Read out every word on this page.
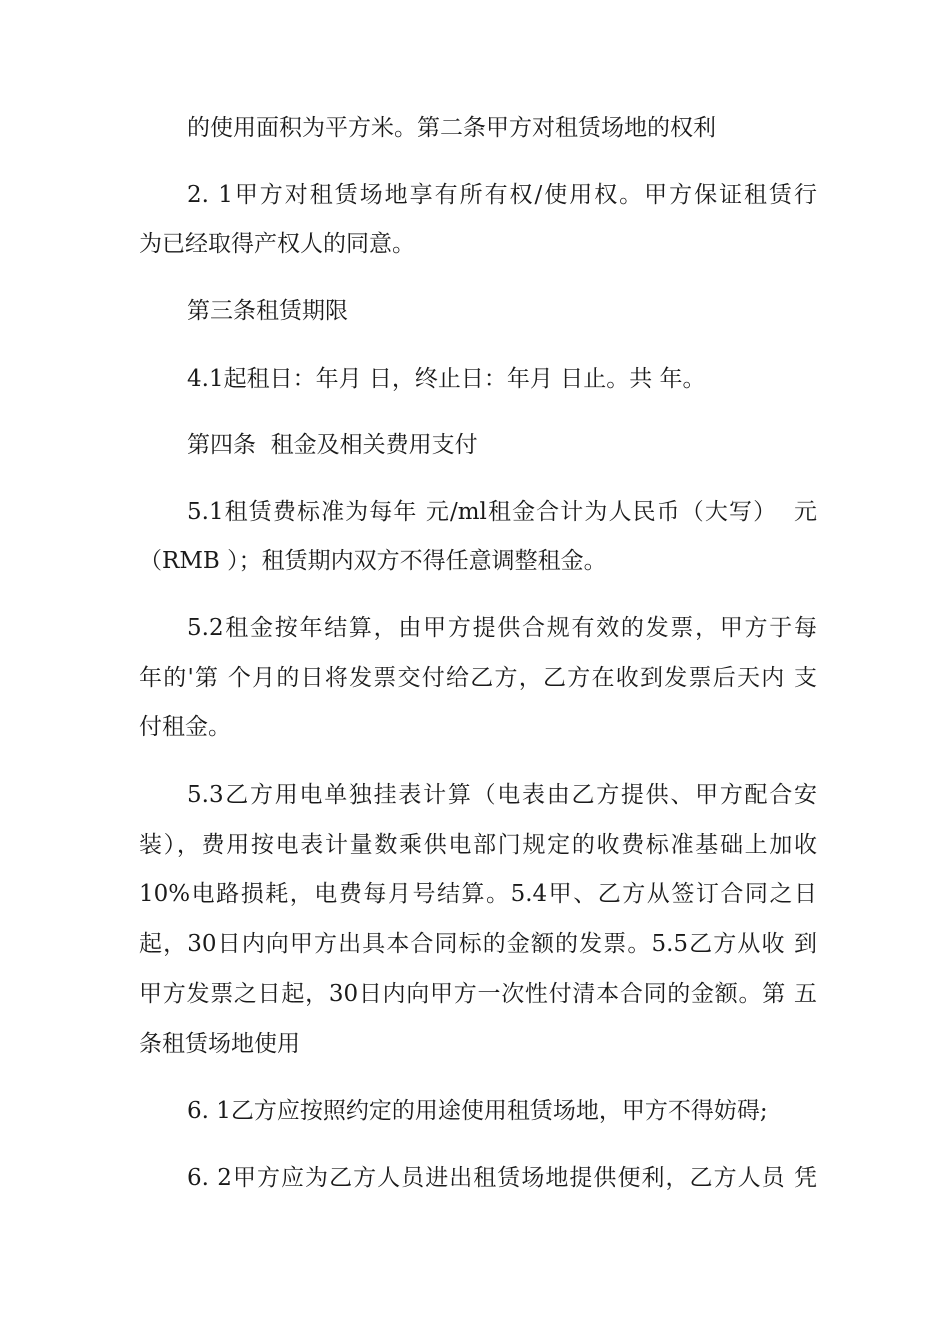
的使用面积为平方米。第二条甲方对租赁场地的权利
2. 1甲方对租赁场地享有所有权/使用权。甲方保证租赁行
为已经取得产权人的同意。
第三条租赁期限
4.1起租日：年月 日，终止日：年月 日止。共 年。
第四条  租金及相关费用支付
5.1租赁费标准为每年 元/ml租金合计为人民币（大写）  元
（RMB ）；租赁期内双方不得任意调整租金。
5.2租金按年结算，由甲方提供合规有效的发票，甲方于每
年的'第 个月的日将发票交付给乙方，乙方在收到发票后天内 支
付租金。
5.3乙方用电单独挂表计算（电表由乙方提供、甲方配合安
装），费用按电表计量数乘供电部门规定的收费标准基础上加收
10%电路损耗，电费每月号结算。5.4甲、乙方从签订合同之日
起，30日内向甲方出具本合同标的金额的发票。5.5乙方从收 到
甲方发票之日起，30日内向甲方一次性付清本合同的金额。第 五
条租赁场地使用
6. 1乙方应按照约定的用途使用租赁场地，甲方不得妨碍;
6. 2甲方应为乙方人员进出租赁场地提供便利，乙方人员 凭
